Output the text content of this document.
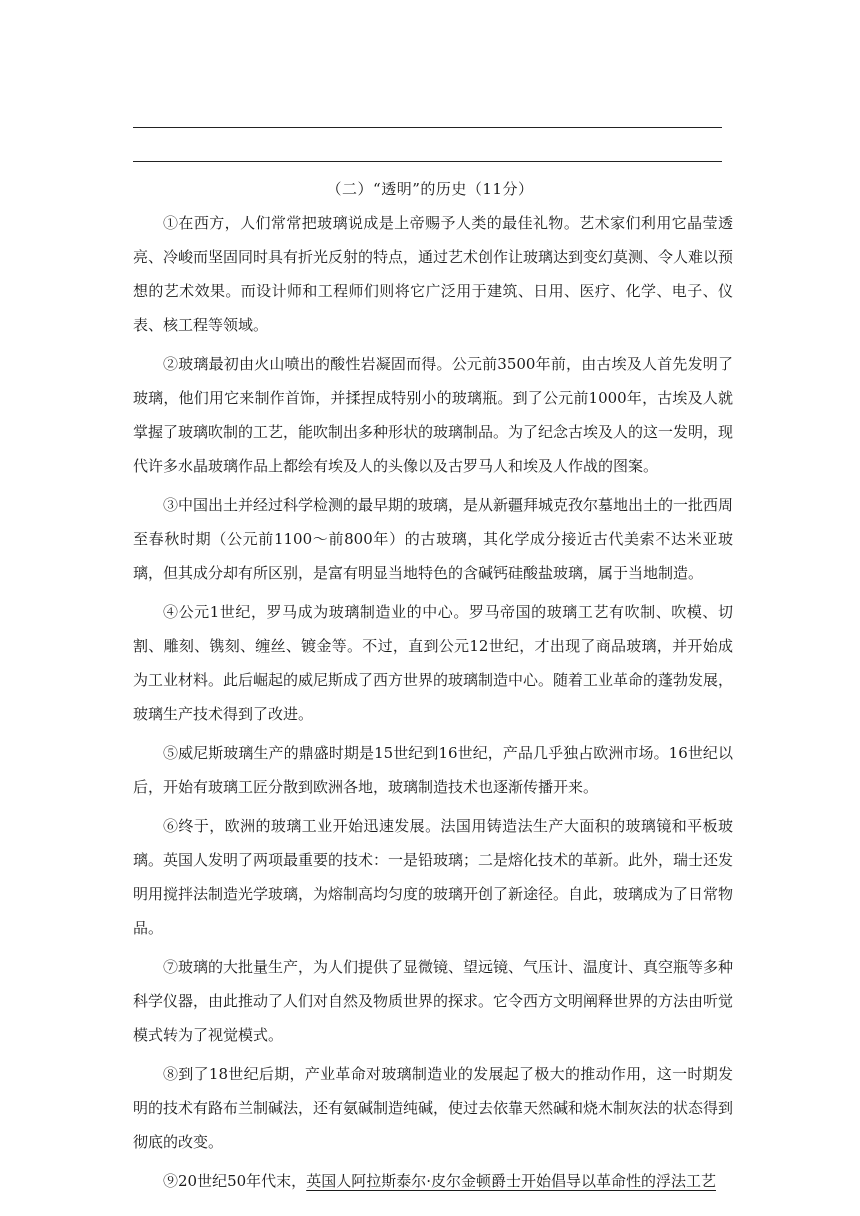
（二）“透明”的历史（11分）

①在西方，人们常常把玻璃说成是上帝赐予人类的最佳礼物。艺术家们利用它晶莹透亮、冷峻而坚固同时具有折光反射的特点，通过艺术创作让玻璃达到变幻莫测、令人难以预想的艺术效果。而设计师和工程师们则将它广泛用于建筑、日用、医疗、化学、电子、仪表、核工程等领域。

②玻璃最初由火山喷出的酸性岩凝固而得。公元前3500年前，由古埃及人首先发明了玻璃，他们用它来制作首饰，并揉捏成特别小的玻璃瓶。到了公元前1000年，古埃及人就掌握了玻璃吹制的工艺，能吹制出多种形状的玻璃制品。为了纪念古埃及人的这一发明，现代许多水晶玻璃作品上都绘有埃及人的头像以及古罗马人和埃及人作战的图案。

③中国出土并经过科学检测的最早期的玻璃，是从新疆拜城克孜尔墓地出土的一批西周至春秋时期（公元前1100～前800年）的古玻璃，其化学成分接近古代美索不达米亚玻璃，但其成分却有所区别，是富有明显当地特色的含碱钙硅酸盐玻璃，属于当地制造。

④公元1世纪，罗马成为玻璃制造业的中心。罗马帝国的玻璃工艺有吹制、吹模、切割、雕刻、镌刻、缠丝、镀金等。不过，直到公元12世纪，才出现了商品玻璃，并开始成为工业材料。此后崛起的威尼斯成了西方世界的玻璃制造中心。随着工业革命的蓬勃发展，玻璃生产技术得到了改进。

⑤威尼斯玻璃生产的鼎盛时期是15世纪到16世纪，产品几乎独占欧洲市场。16世纪以后，开始有玻璃工匠分散到欧洲各地，玻璃制造技术也逐渐传播开来。

⑥终于，欧洲的玻璃工业开始迅速发展。法国用铸造法生产大面积的玻璃镜和平板玻璃。英国人发明了两项最重要的技术：一是铅玻璃；二是熔化技术的革新。此外，瑞士还发明用搅拌法制造光学玻璃，为熔制高均匀度的玻璃开创了新途径。自此，玻璃成为了日常物品。

⑦玻璃的大批量生产，为人们提供了显微镜、望远镜、气压计、温度计、真空瓶等多种科学仪器，由此推动了人们对自然及物质世界的探求。它令西方文明阐释世界的方法由听觉模式转为了视觉模式。

⑧到了18世纪后期，产业革命对玻璃制造业的发展起了极大的推动作用，这一时期发明的技术有路布兰制碱法，还有氨碱制造纯碱，使过去依靠天然碱和烧木制灰法的状态得到彻底的改变。

⑨20世纪50年代末，英国人阿拉斯泰尔·皮尔金顿爵士开始倡导以革命性的浮法工艺
